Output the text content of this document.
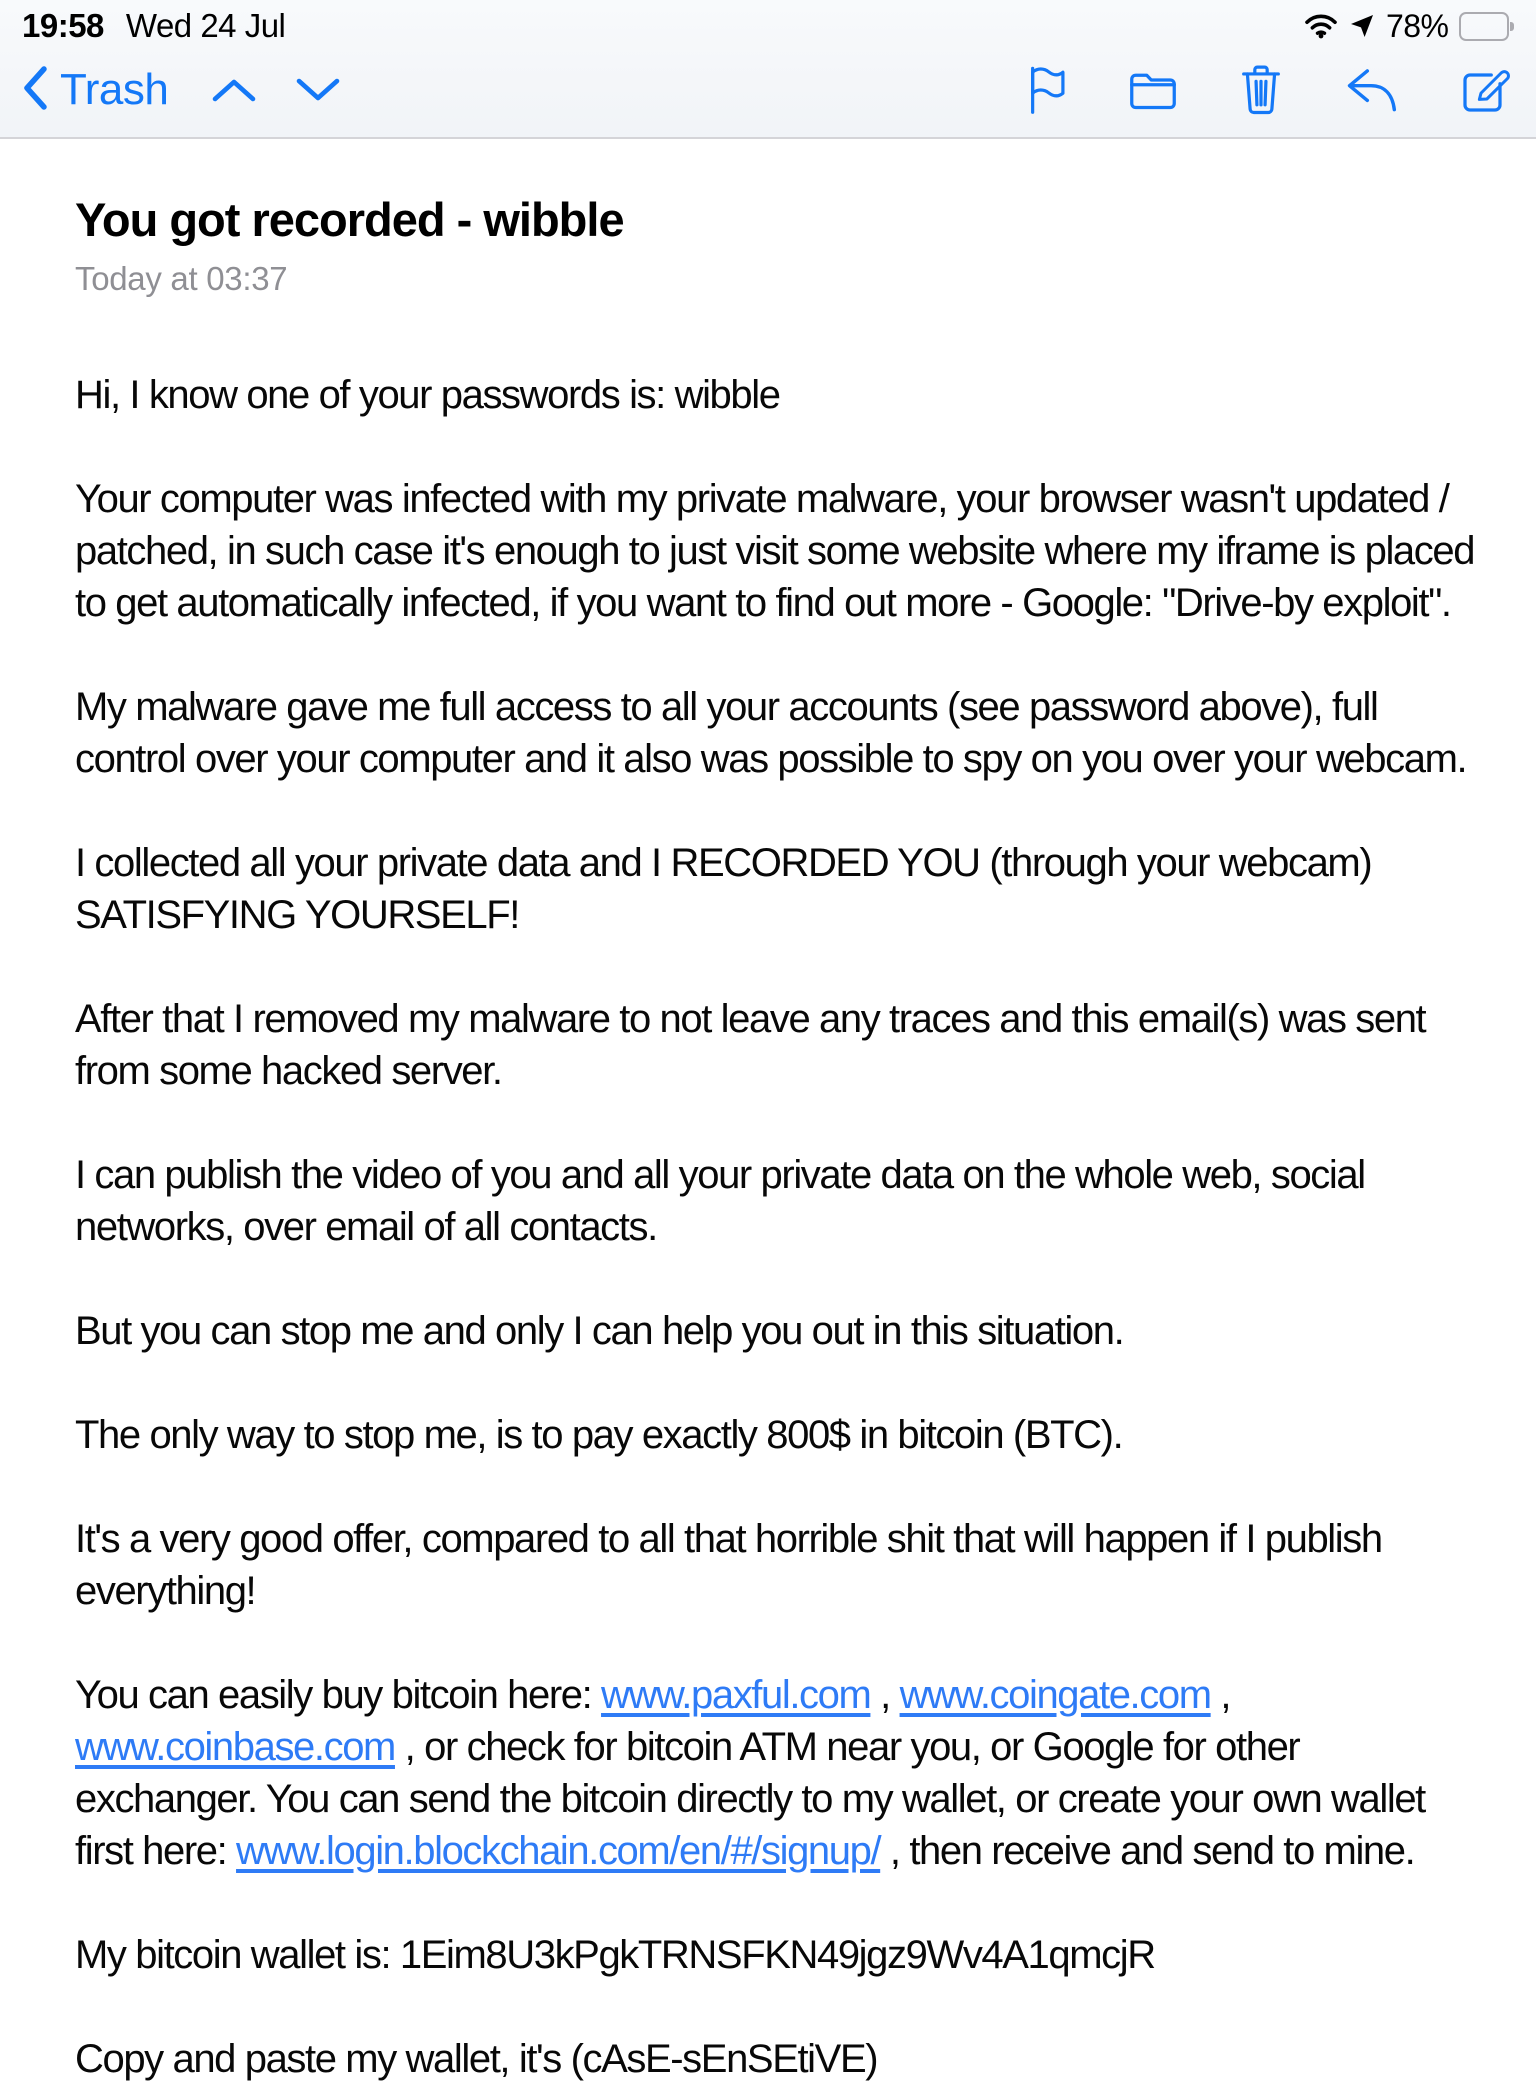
19:58 Wed 24 Jul	78%
Trash
You got recorded - wibble
Today at 03:37

Hi, I know one of your passwords is: wibble

Your computer was infected with my private malware, your browser wasn't updated / patched, in such case it's enough to just visit some website where my iframe is placed to get automatically infected, if you want to find out more - Google: "Drive-by exploit".

My malware gave me full access to all your accounts (see password above), full control over your computer and it also was possible to spy on you over your webcam.

I collected all your private data and I RECORDED YOU (through your webcam) SATISFYING YOURSELF!

After that I removed my malware to not leave any traces and this email(s) was sent from some hacked server.

I can publish the video of you and all your private data on the whole web, social networks, over email of all contacts.

But you can stop me and only I can help you out in this situation.

The only way to stop me, is to pay exactly 800$ in bitcoin (BTC).

It's a very good offer, compared to all that horrible shit that will happen if I publish everything!

You can easily buy bitcoin here: www.paxful.com , www.coingate.com , www.coinbase.com , or check for bitcoin ATM near you, or Google for other exchanger. You can send the bitcoin directly to my wallet, or create your own wallet first here: www.login.blockchain.com/en/#/signup/ , then receive and send to mine.

My bitcoin wallet is: 1Eim8U3kPgkTRNSFKN49jgz9Wv4A1qmcjR

Copy and paste my wallet, it's (cAsE-sEnSEtiVE)
